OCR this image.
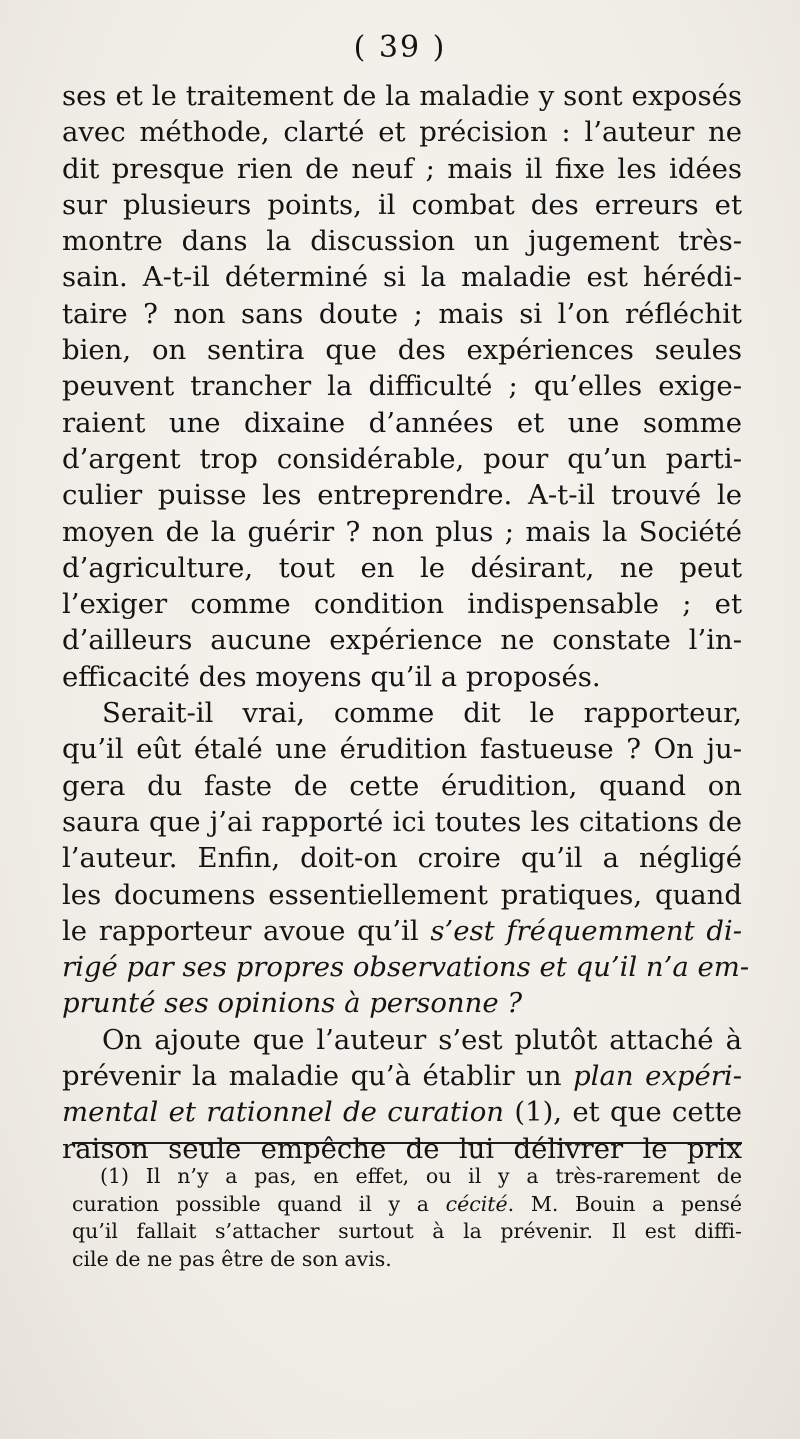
( 39 )
ses et le traitement de la maladie y sont exposés
avec méthode, clarté et précision : l’auteur ne
dit presque rien de neuf ; mais il fixe les idées
sur plusieurs points, il combat des erreurs et
montre dans la discussion un jugement très-
sain. A-t-il déterminé si la maladie est hérédi-
taire ? non sans doute ; mais si l’on réfléchit
bien, on sentira que des expériences seules
peuvent trancher la difficulté ; qu’elles exige-
raient une dixaine d’années et une somme
d’argent trop considérable, pour qu’un parti-
culier puisse les entreprendre. A-t-il trouvé le
moyen de la guérir ? non plus ; mais la Société
d’agriculture, tout en le désirant, ne peut
l’exiger comme condition indispensable ; et
d’ailleurs aucune expérience ne constate l’in-
efficacité des moyens qu’il a proposés.
Serait-il vrai, comme dit le rapporteur,
qu’il eût étalé une érudition fastueuse ? On ju-
gera du faste de cette érudition, quand on
saura que j’ai rapporté ici toutes les citations de
l’auteur. Enfin, doit-on croire qu’il a négligé
les documens essentiellement pratiques, quand
le rapporteur avoue qu’il s’est fréquemment di-
rigé par ses propres observations et qu’il n’a em-
prunté ses opinions à personne ?
On ajoute que l’auteur s’est plutôt attaché à
prévenir la maladie qu’à établir un plan expéri-
mental et rationnel de curation (1), et que cette
raison seule empêche de lui délivrer le prix
(1) Il n’y a pas, en effet, ou il y a très-rarement de
curation possible quand il y a cécité. M. Bouin a pensé
qu’il fallait s’attacher surtout à la prévenir. Il est diffi-
cile de ne pas être de son avis.
